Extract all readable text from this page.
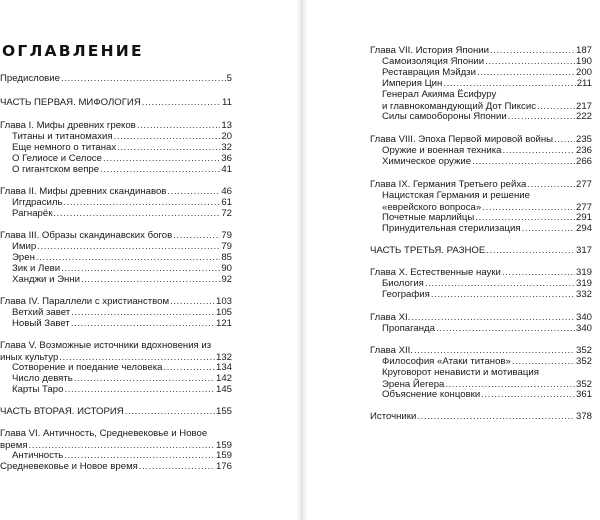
ОГЛАВЛЕНИЕ
Предисловие .....	5
ЧАСТЬ ПЕРВАЯ. МИФОЛОГИЯ .....	11
Глава I. Мифы древних греков .....	13
Титаны и титаномахия .....	20
Еще немного о титанах .....	32
О Гелиосе и Селосе .....	36
О гигантском вепре .....	41
Глава II. Мифы древних скандинавов .....	46
Иггдрасиль .....	61
Рагнарёк .....	72
Глава III. Образы скандинавских богов .....	79
Имир .....	79
Эрен .....	85
Зик и Леви .....	90
Ханджи и Энни .....	92
Глава IV. Параллели с христианством .....	103
Ветхий завет .....	105
Новый Завет .....	121
Глава V. Возможные источники вдохновения из
иных культур .....	132
Сотворение и поедание человека .....	134
Число девять .....	142
Карты Таро .....	145
ЧАСТЬ ВТОРАЯ. ИСТОРИЯ .....	155
Глава VI. Античность, Средневековье и Новое
время .....	159
Античность .....	159
Средневековье и Новое время .....	176
Глава VII. История Японии .....	187
Самоизоляция Японии .....	190
Реставрация Мэйдзи .....	200
Империя Цин .....	211
Генерал Акияма Ёсифуру
и главнокомандующий Дот Пиксис .....	217
Силы самообороны Японии .....	222
Глава VIII. Эпоха Первой мировой войны ..... 235
Оружие и военная техника .....	236
Химическое оружие .....	266
Глава IX. Германия Третьего рейха .....	277
Нацистская Германия и решение
«еврейского вопроса» .....	277
Почетные марлийцы .....	291
Принудительная стерилизация .....	294
ЧАСТЬ ТРЕТЬЯ. РАЗНОЕ .....	317
Глава X. Естественные науки .....	319
Биология .....	319
География .....	332
Глава XI. .....	340
Пропаганда .....	340
Глава XII. .....	352
Философия «Атаки титанов» .....	352
Круговорот ненависти и мотивация
Эрена Йегера .....	352
Объяснение концовки .....	361
Источники .....	378
